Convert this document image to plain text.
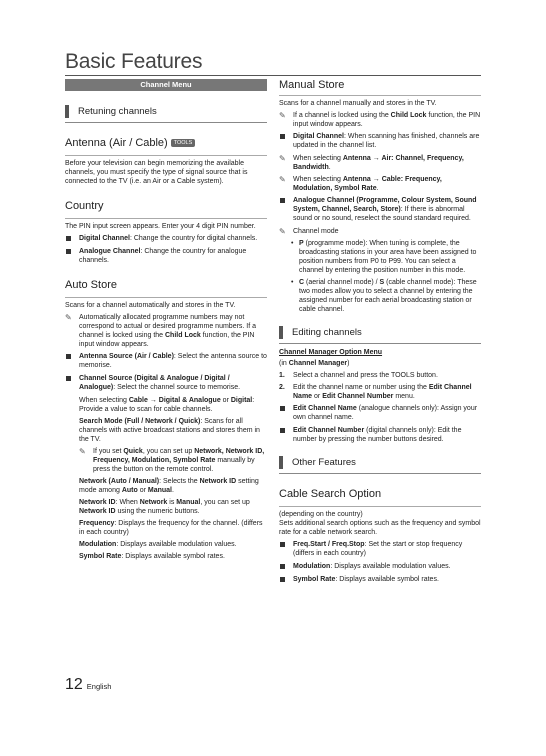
Basic Features
Channel Menu
Retuning channels
Antenna (Air / Cable) TOOLS

Before your television can begin memorizing the available channels, you must specify the type of signal source that is connected to the TV (i.e. an Air or a Cable system).

Country

The PIN input screen appears. Enter your 4 digit PIN number.

Digital Channel: Change the country for digital channels.
Analogue Channel: Change the country for analogue channels.
Auto Store

Scans for a channel automatically and stores in the TV.

✎ Automatically allocated programme numbers may not correspond to actual or desired programme numbers. If a channel is locked using the Child Lock function, the PIN input window appears.
Antenna Source (Air / Cable): Select the antenna source to memorise.
Channel Source (Digital & Analogue / Digital / Analogue): Select the channel source to memorise.
When selecting Cable → Digital & Analogue or Digital: Provide a value to scan for cable channels.
Search Mode (Full / Network / Quick): Scans for all channels with active broadcast stations and stores them in the TV.
✎ If you set Quick, you can set up Network, Network ID, Frequency, Modulation, Symbol Rate manually by press the button on the remote control.
Network (Auto / Manual): Selects the Network ID setting mode among Auto or Manual.
Network ID: When Network is Manual, you can set up Network ID using the numeric buttons.
Frequency: Displays the frequency for the channel. (differs in each country)
Modulation: Displays available modulation values.
Symbol Rate: Displays available symbol rates.
Manual Store

Scans for a channel manually and stores in the TV.

✎ If a channel is locked using the Child Lock function, the PIN input window appears.
Digital Channel: When scanning has finished, channels are updated in the channel list.
✎ When selecting Antenna → Air: Channel, Frequency, Bandwidth.
✎ When selecting Antenna → Cable: Frequency, Modulation, Symbol Rate.
Analogue Channel (Programme, Colour System, Sound System, Channel, Search, Store): If there is abnormal sound or no sound, reselect the sound standard required.
✎ Channel mode
• P (programme mode): When tuning is complete, the broadcasting stations in your area have been assigned to position numbers from P0 to P99. You can select a channel by entering the position number in this mode.
• C (aerial channel mode) / S (cable channel mode): These two modes allow you to select a channel by entering the assigned number for each aerial broadcasting station or cable channel.
Editing channels
Channel Manager Option Menu

(in Channel Manager)

1. Select a channel and press the TOOLS button.
2. Edit the channel name or number using the Edit Channel Name or Edit Channel Number menu.
Edit Channel Name (analogue channels only): Assign your own channel name.
Edit Channel Number (digital channels only): Edit the number by pressing the number buttons desired.
Other Features
Cable Search Option

(depending on the country)

Sets additional search options such as the frequency and symbol rate for a cable network search.

Freq.Start / Freq.Stop: Set the start or stop frequency (differs in each country)
Modulation: Displays available modulation values.
Symbol Rate: Displays available symbol rates.
12 English
